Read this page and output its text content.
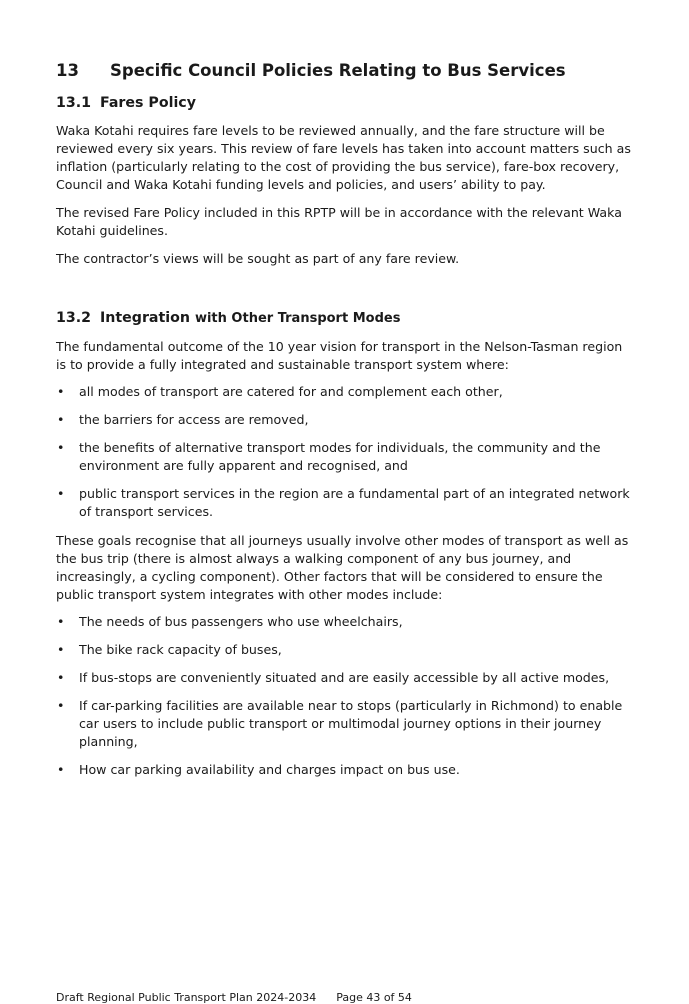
13 Specific Council Policies Relating to Bus Services
13.1 Fares Policy

Waka Kotahi requires fare levels to be reviewed annually, and the fare structure will be reviewed every six years. This review of fare levels has taken into account matters such as inflation (particularly relating to the cost of providing the bus service), fare-box recovery, Council and Waka Kotahi funding levels and policies, and users’ ability to pay.

The revised Fare Policy included in this RPTP will be in accordance with the relevant Waka Kotahi guidelines.

The contractor’s views will be sought as part of any fare review.

13.2 Integration with Other Transport Modes

The fundamental outcome of the 10 year vision for transport in the Nelson-Tasman region is to provide a fully integrated and sustainable transport system where:

• all modes of transport are catered for and complement each other,
• the barriers for access are removed,
• the benefits of alternative transport modes for individuals, the community and the environment are fully apparent and recognised, and
• public transport services in the region are a fundamental part of an integrated network of transport services.

These goals recognise that all journeys usually involve other modes of transport as well as the bus trip (there is almost always a walking component of any bus journey, and increasingly, a cycling component). Other factors that will be considered to ensure the public transport system integrates with other modes include:

• The needs of bus passengers who use wheelchairs,
• The bike rack capacity of buses,
• If bus-stops are conveniently situated and are easily accessible by all active modes,
• If car-parking facilities are available near to stops (particularly in Richmond) to enable car users to include public transport or multimodal journey options in their journey planning,
• How car parking availability and charges impact on bus use.
Draft Regional Public Transport Plan 2024-2034 Page 43 of 54
